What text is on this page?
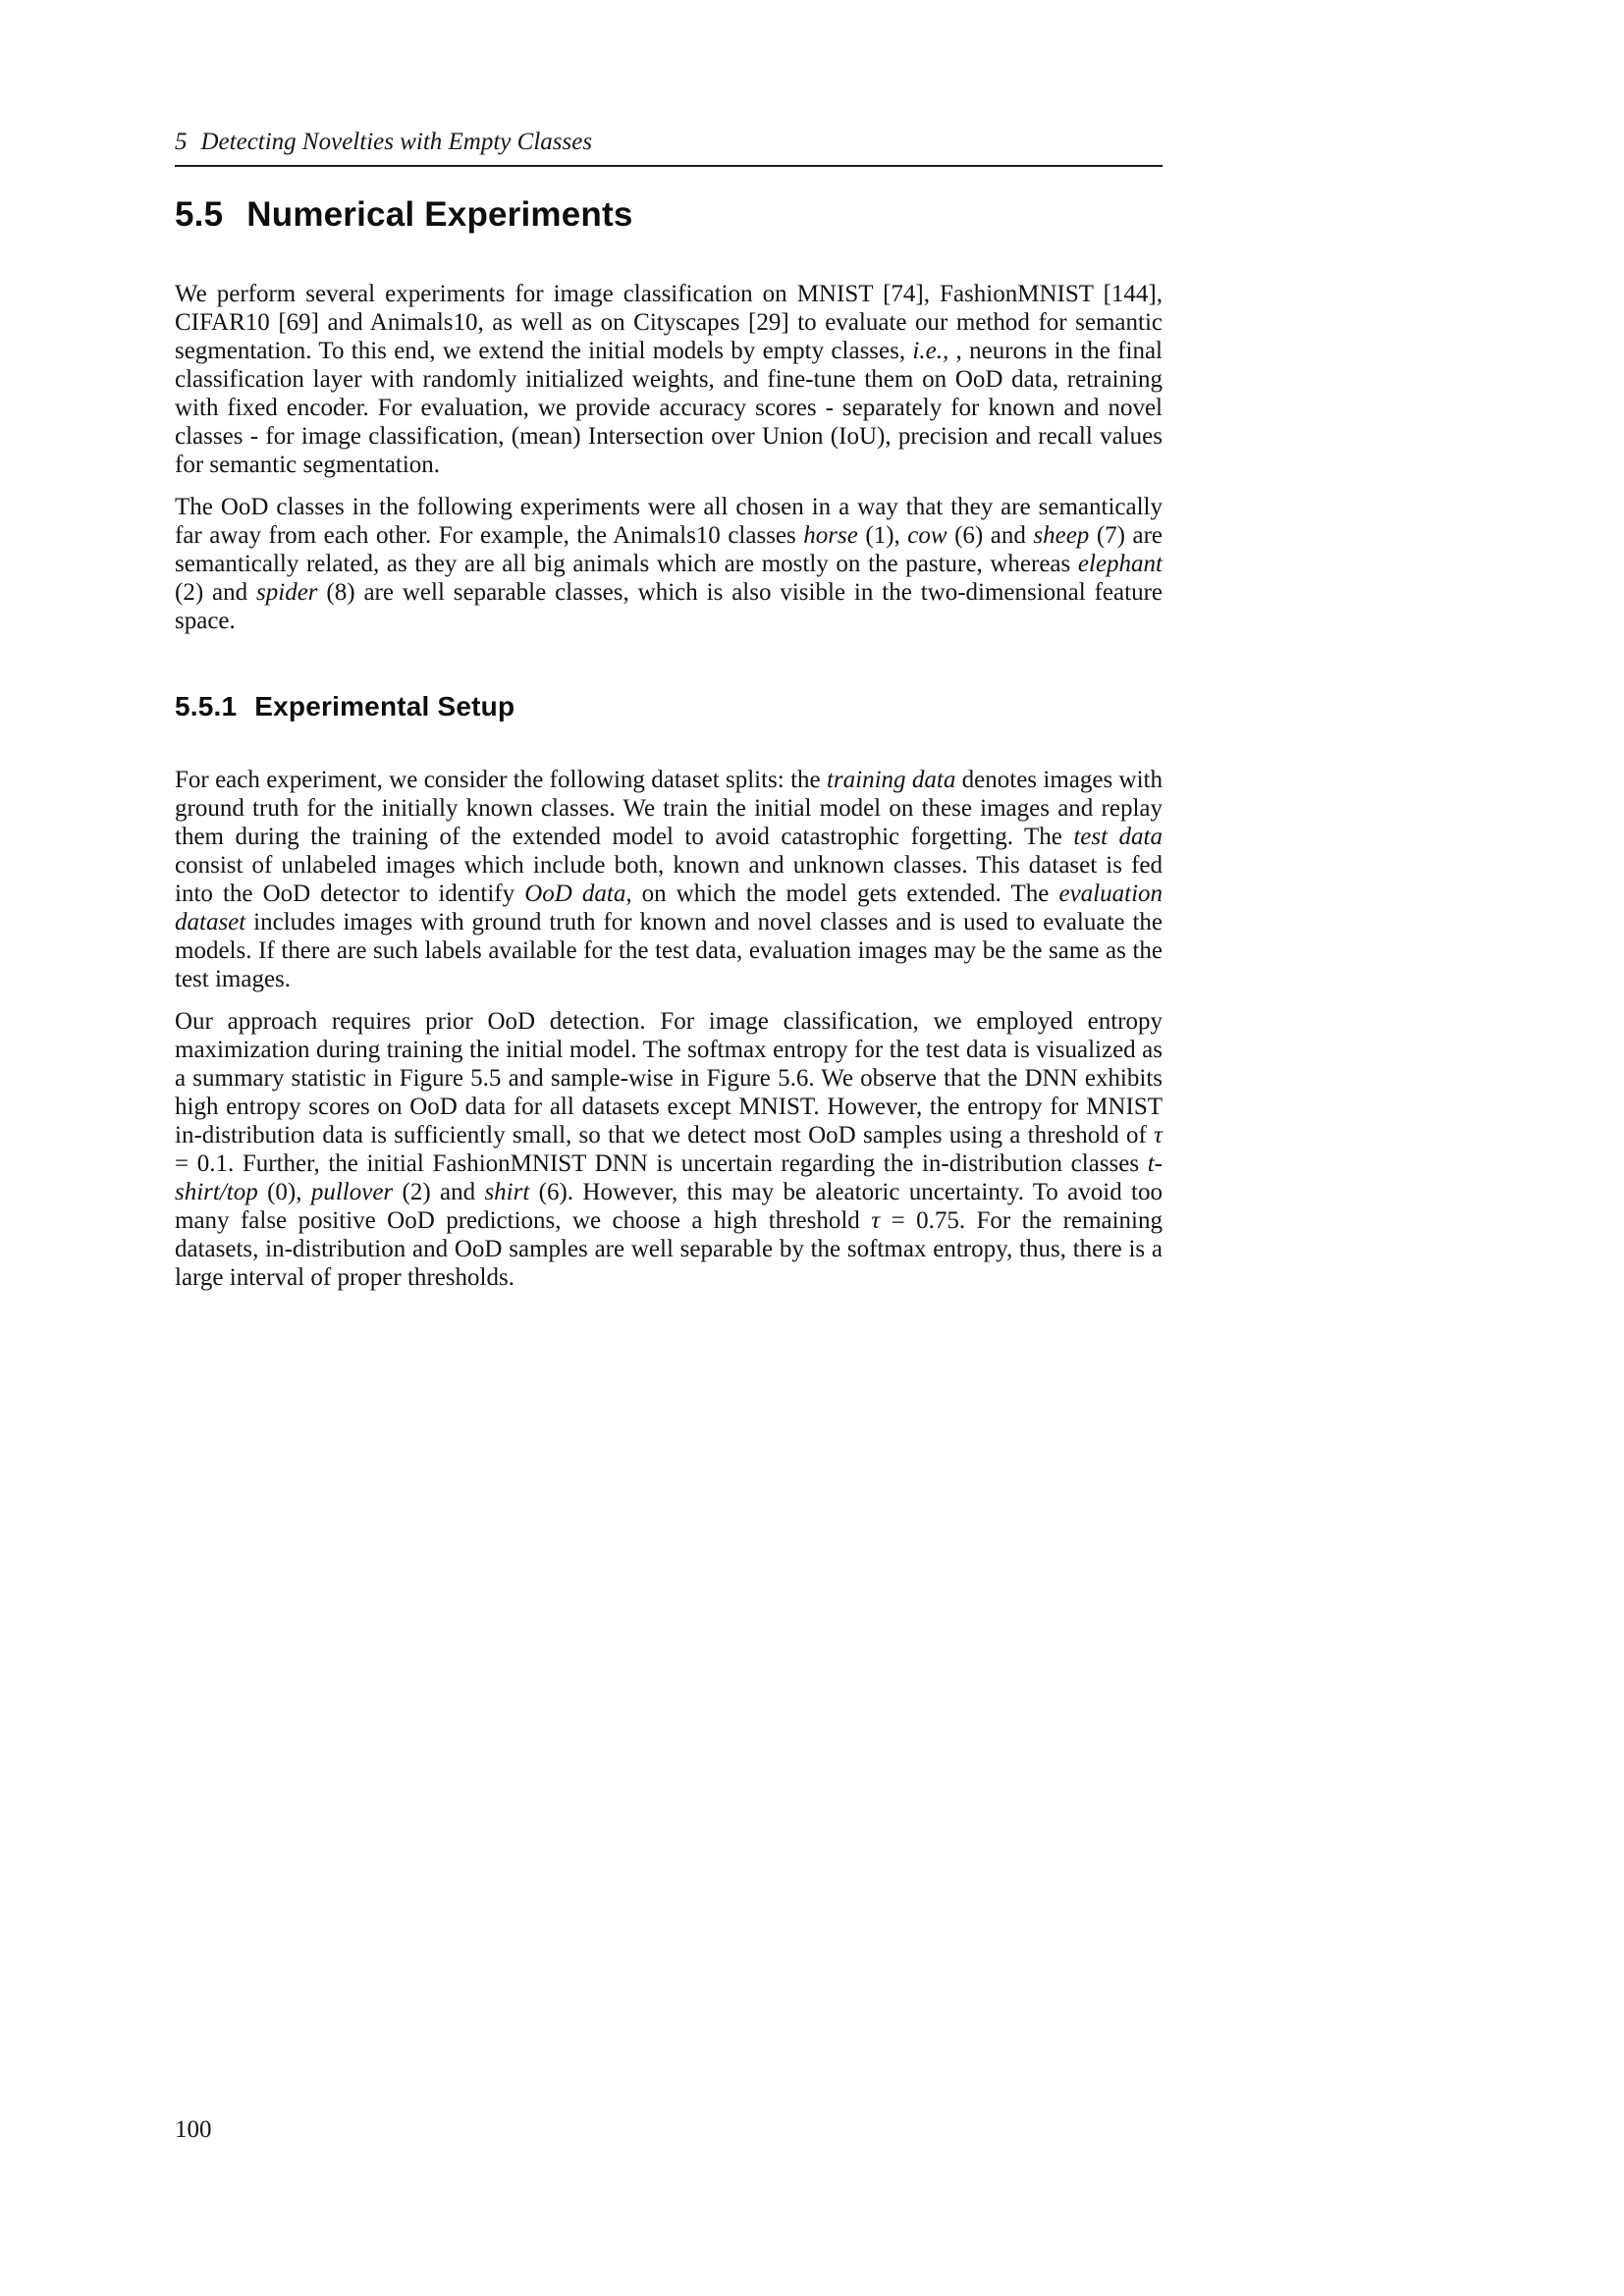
5 Detecting Novelties with Empty Classes
5.5 Numerical Experiments

We perform several experiments for image classification on MNIST [74], FashionMNIST [144], CIFAR10 [69] and Animals10, as well as on Cityscapes [29] to evaluate our method for semantic segmentation. To this end, we extend the initial models by empty classes, i.e., , neurons in the final classification layer with randomly initialized weights, and fine-tune them on OoD data, retraining with fixed encoder. For evaluation, we provide accuracy scores - separately for known and novel classes - for image classification, (mean) Intersection over Union (IoU), precision and recall values for semantic segmentation.

The OoD classes in the following experiments were all chosen in a way that they are semantically far away from each other. For example, the Animals10 classes horse (1), cow (6) and sheep (7) are semantically related, as they are all big animals which are mostly on the pasture, whereas elephant (2) and spider (8) are well separable classes, which is also visible in the two-dimensional feature space.

5.5.1 Experimental Setup

For each experiment, we consider the following dataset splits: the training data denotes images with ground truth for the initially known classes. We train the initial model on these images and replay them during the training of the extended model to avoid catastrophic forgetting. The test data consist of unlabeled images which include both, known and unknown classes. This dataset is fed into the OoD detector to identify OoD data, on which the model gets extended. The evaluation dataset includes images with ground truth for known and novel classes and is used to evaluate the models. If there are such labels available for the test data, evaluation images may be the same as the test images.

Our approach requires prior OoD detection. For image classification, we employed entropy maximization during training the initial model. The softmax entropy for the test data is visualized as a summary statistic in Figure 5.5 and sample-wise in Figure 5.6. We observe that the DNN exhibits high entropy scores on OoD data for all datasets except MNIST. However, the entropy for MNIST in-distribution data is sufficiently small, so that we detect most OoD samples using a threshold of τ = 0.1. Further, the initial FashionMNIST DNN is uncertain regarding the in-distribution classes t-shirt/top (0), pullover (2) and shirt (6). However, this may be aleatoric uncertainty. To avoid too many false positive OoD predictions, we choose a high threshold τ = 0.75. For the remaining datasets, in-distribution and OoD samples are well separable by the softmax entropy, thus, there is a large interval of proper thresholds.

100
